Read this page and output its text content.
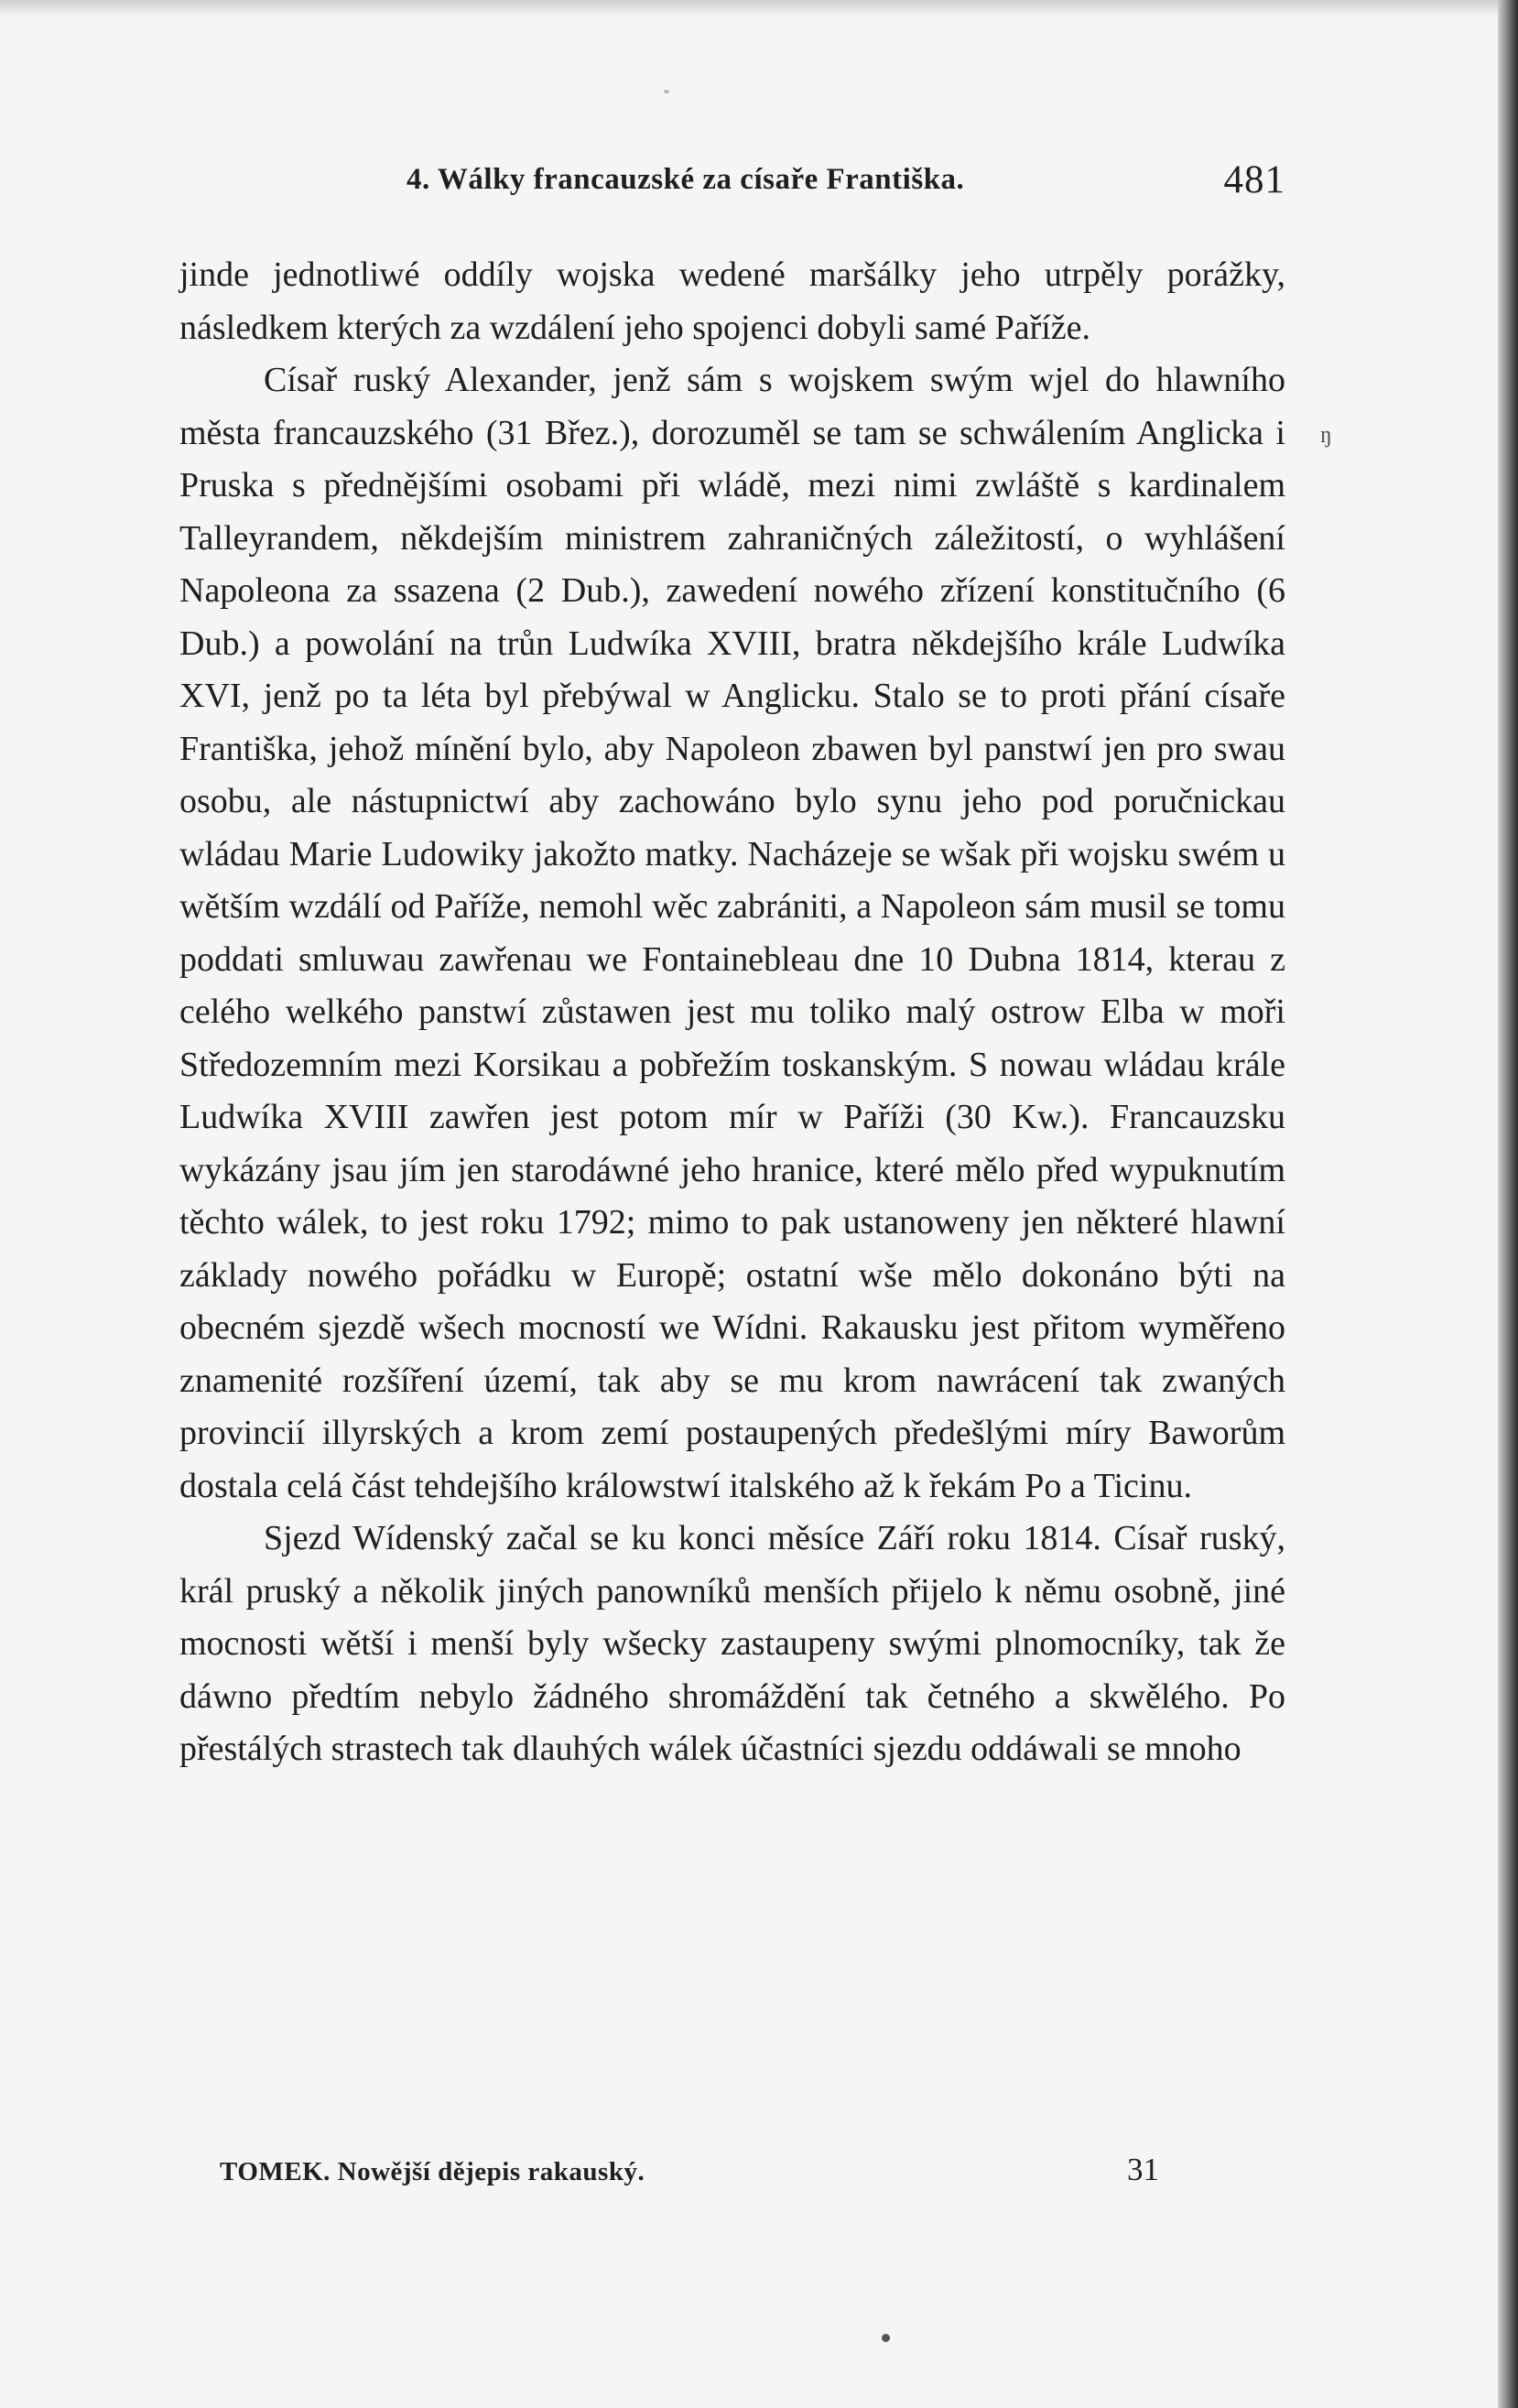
4. Wálky francauzské za císaře Františka.	481
ŋ

jinde jednotliwé oddíly wojska wedené maršálky jeho utrpěly porážky, následkem kterých za wzdálení jeho spojenci dobyli samé Paříže.

Císař ruský Alexander, jenž sám s wojskem swým wjel do hlawního města francauzského (31 Břez.), dorozuměl se tam se schwálením Anglicka i Pruska s přednějšími osobami při wládě, mezi nimi zwláště s kardinalem Talleyrandem, někdejším ministrem zahraničných záležitostí, o wyhlášení Napoleona za ssazena (2 Dub.), zawedení nowého zřízení konstitučního (6 Dub.) a powolání na trůn Ludwíka XVIII, bratra někdejšího krále Ludwíka XVI, jenž po ta léta byl přebýwal w Anglicku. Stalo se to proti přání císaře Františka, jehož mínění bylo, aby Napoleon zbawen byl panstwí jen pro swau osobu, ale nástupnictwí aby zachowáno bylo synu jeho pod poručnickau wládau Marie Ludowiky jakožto matky. Nacházeje se wšak při wojsku swém u wětším wzdálí od Paříže, nemohl wěc zabrániti, a Napoleon sám musil se tomu poddati smluwau zawřenau we Fontainebleau dne 10 Dubna 1814, kterau z celého welkého panstwí zůstawen jest mu toliko malý ostrow Elba w moři Středozemním mezi Korsikau a pobřežím toskanským. S nowau wládau krále Ludwíka XVIII zawřen jest potom mír w Paříži (30 Kw.). Francauzsku wykázány jsau jím jen starodáwné jeho hranice, které mělo před wypuknutím těchto wálek, to jest roku 1792; mimo to pak ustanoweny jen některé hlawní základy nowého pořádku w Europě; ostatní wše mělo dokonáno býti na obecném sjezdě wšech mocností we Wídni. Rakausku jest přitom wyměřeno znamenité rozšíření území, tak aby se mu krom nawrácení tak zwaných provincií illyrských a krom zemí postaupených předešlými míry Baworům dostala celá část tehdejšího králowstwí italského až k řekám Po a Ticinu.

Sjezd Wídenský začal se ku konci měsíce Září roku 1814. Císař ruský, král pruský a několik jiných panowníků menších přijelo k němu osobně, jiné mocnosti wětší i menší byly wšecky zastaupeny swými plnomocníky, tak že dáwno předtím nebylo žádného shromáždění tak četného a skwělého. Po přestálých strastech tak dlauhých wálek účastníci sjezdu oddáwali se mnoho

TOMEK. Nowější dějepis rakauský.	31
